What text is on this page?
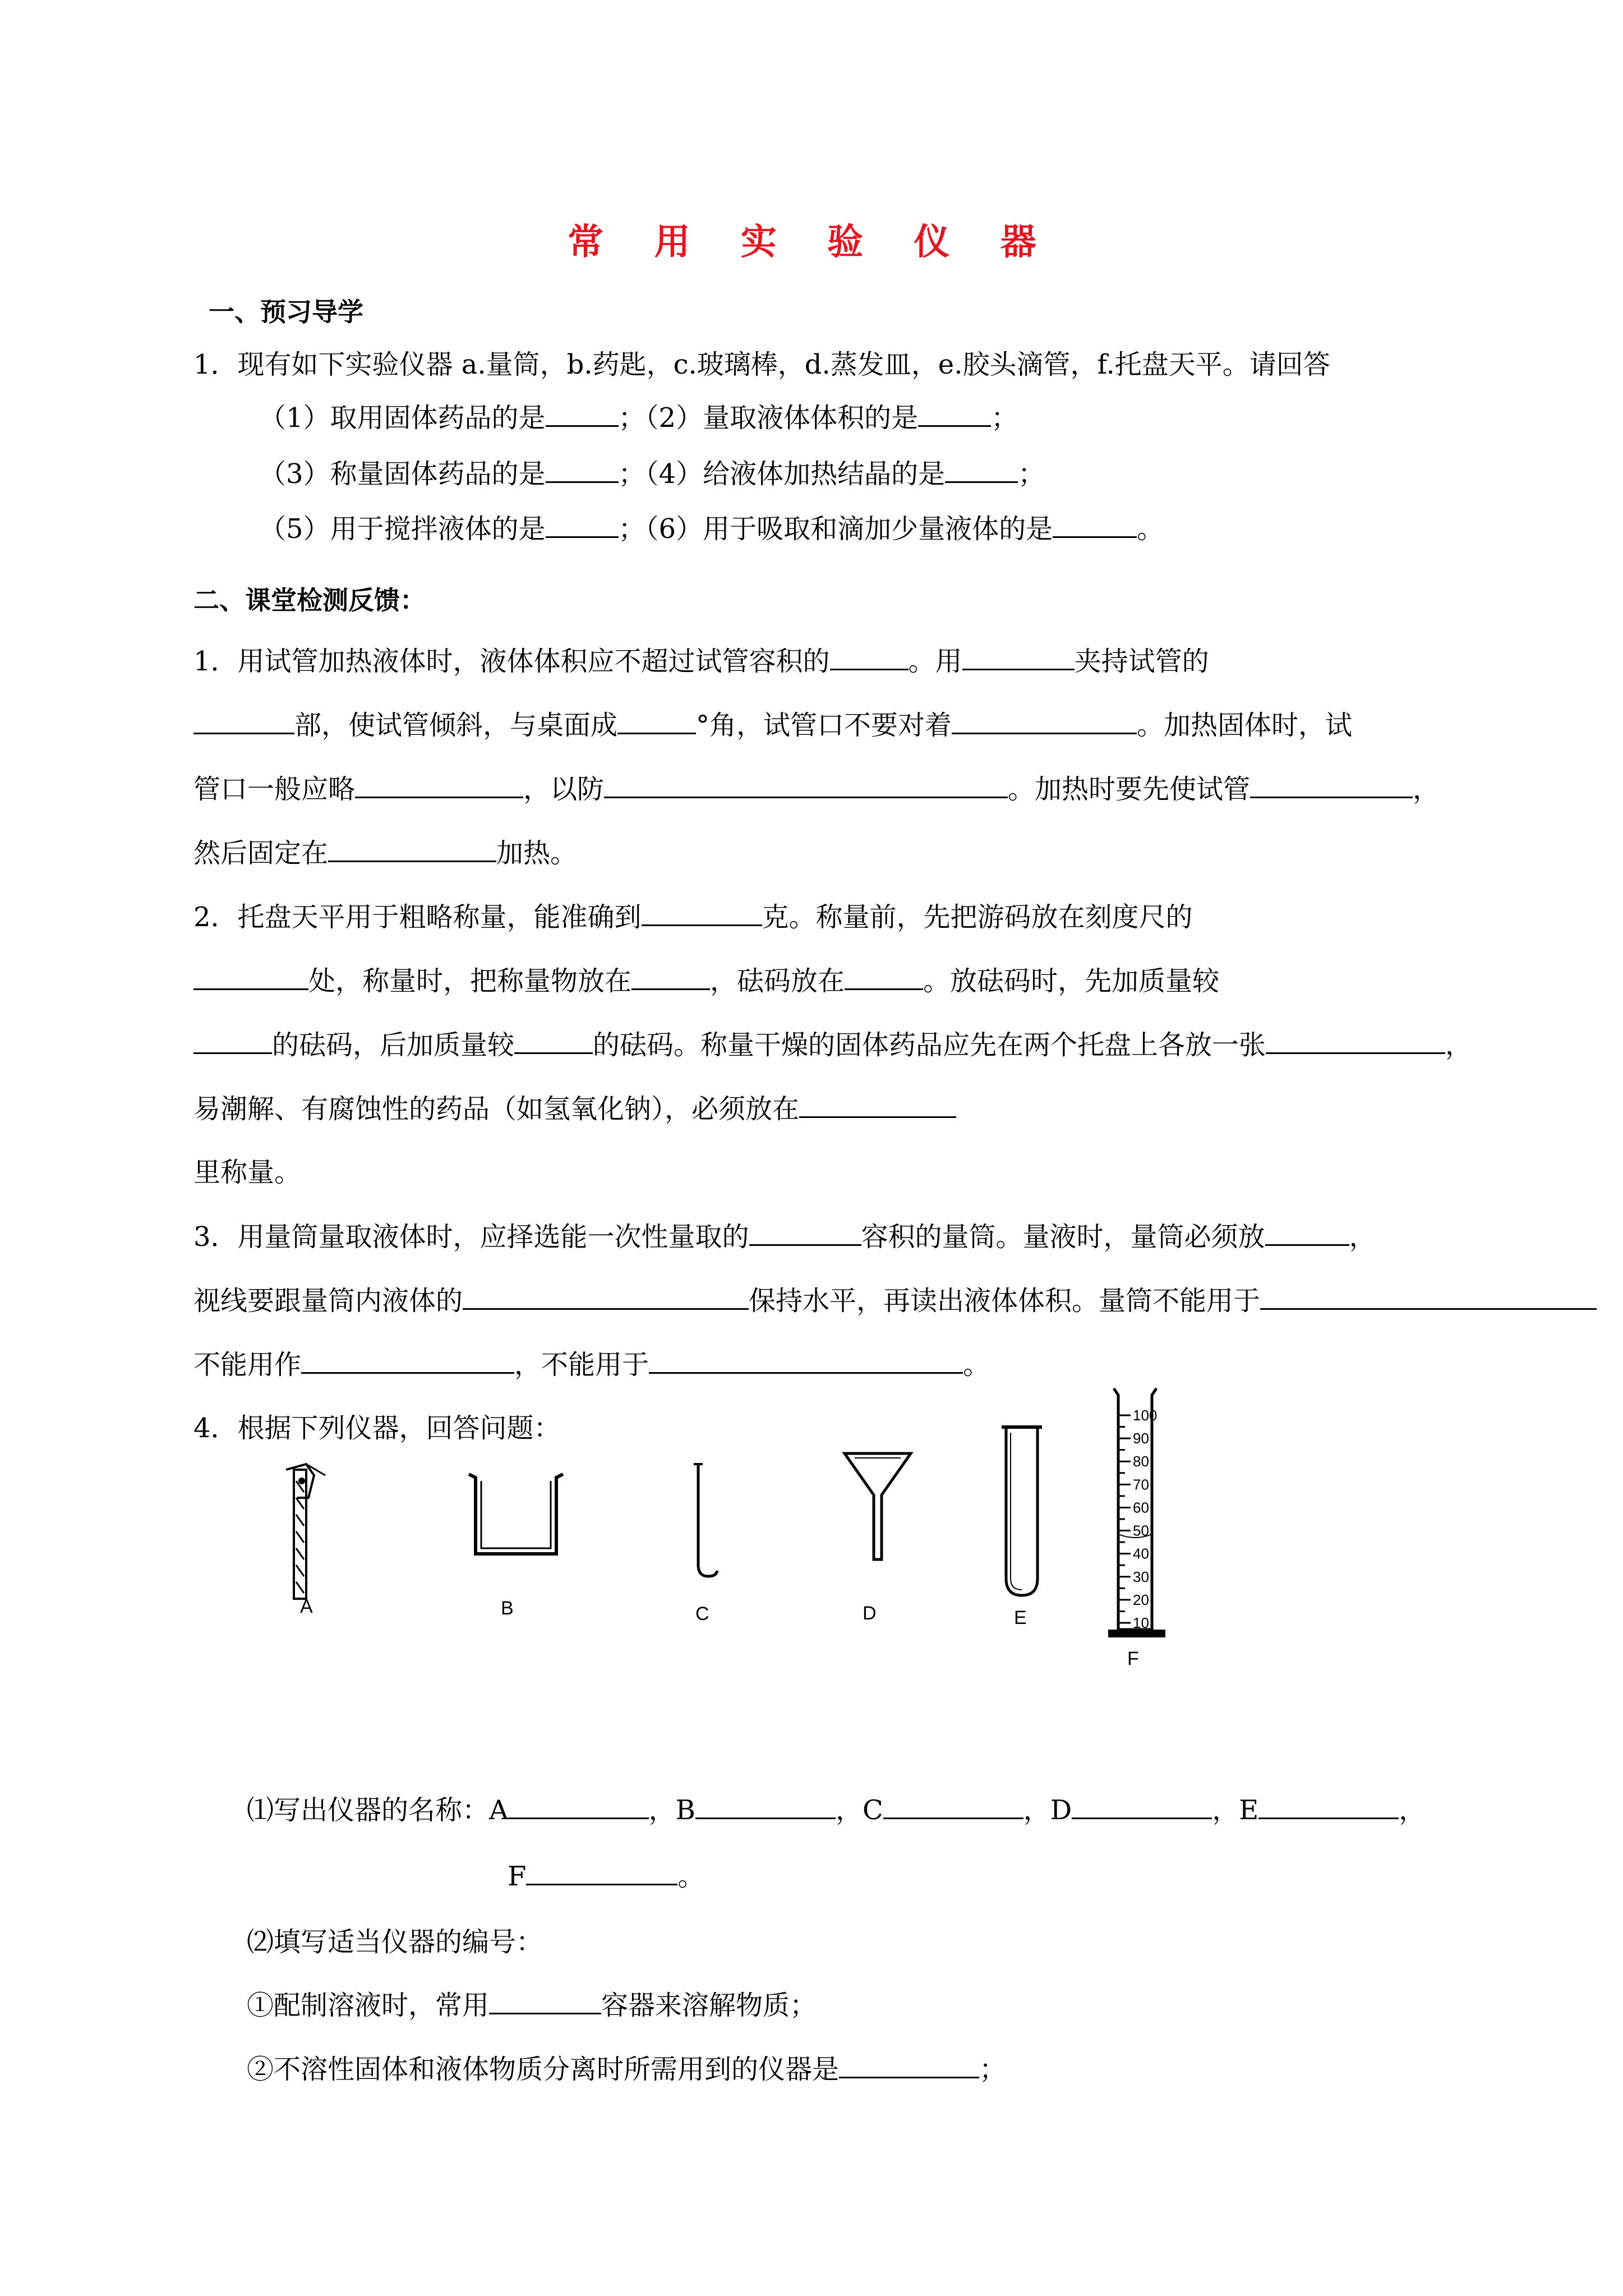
常 用 实 验 仪 器
一、预习导学
1．现有如下实验仪器 a.量筒，b.药匙，c.玻璃棒，d.蒸发皿，e.胶头滴管，f.托盘天平。请回答
（1）取用固体药品的是	；（2）量取液体体积的是	；
（3）称量固体药品的是	；（4）给液体加热结晶的是	；
（5）用于搅拌液体的是	；（6）用于吸取和滴加少量液体的是	。
二、课堂检测反馈：
1．用试管加热液体时，液体体积应不超过试管容积的	。用	夹持试管的
部，使试管倾斜，与桌面成	°角，试管口不要对着	。加热固体时，试
管口一般应略	，以防	。加热时要先使试管	，
然后固定在	加热。
2．托盘天平用于粗略称量，能准确到	克。称量前，先把游码放在刻度尺的
处，称量时，把称量物放在	，砝码放在	。放砝码时，先加质量较
的砝码，后加质量较	的砝码。称量干燥的固体药品应先在两个托盘上各放一张	，
易潮解、有腐蚀性的药品（如氢氧化钠），必须放在
里称量。
3．用量筒量取液体时，应择选能一次性量取的	容积的量筒。量液时，量筒必须放	，
视线要跟量筒内液体的	保持水平，再读出液体体积。量筒不能用于
不能用作	，不能用于	。
4．根据下列仪器，回答问题：
A	B	C	D	E
100
90
80
70
60
50
40
30
20
10
F
⑴写出仪器的名称：A	，B	，C	，D	，E	，
F	。
⑵填写适当仪器的编号：
①配制溶液时，常用	容器来溶解物质；
②不溶性固体和液体物质分离时所需用到的仪器是	；
